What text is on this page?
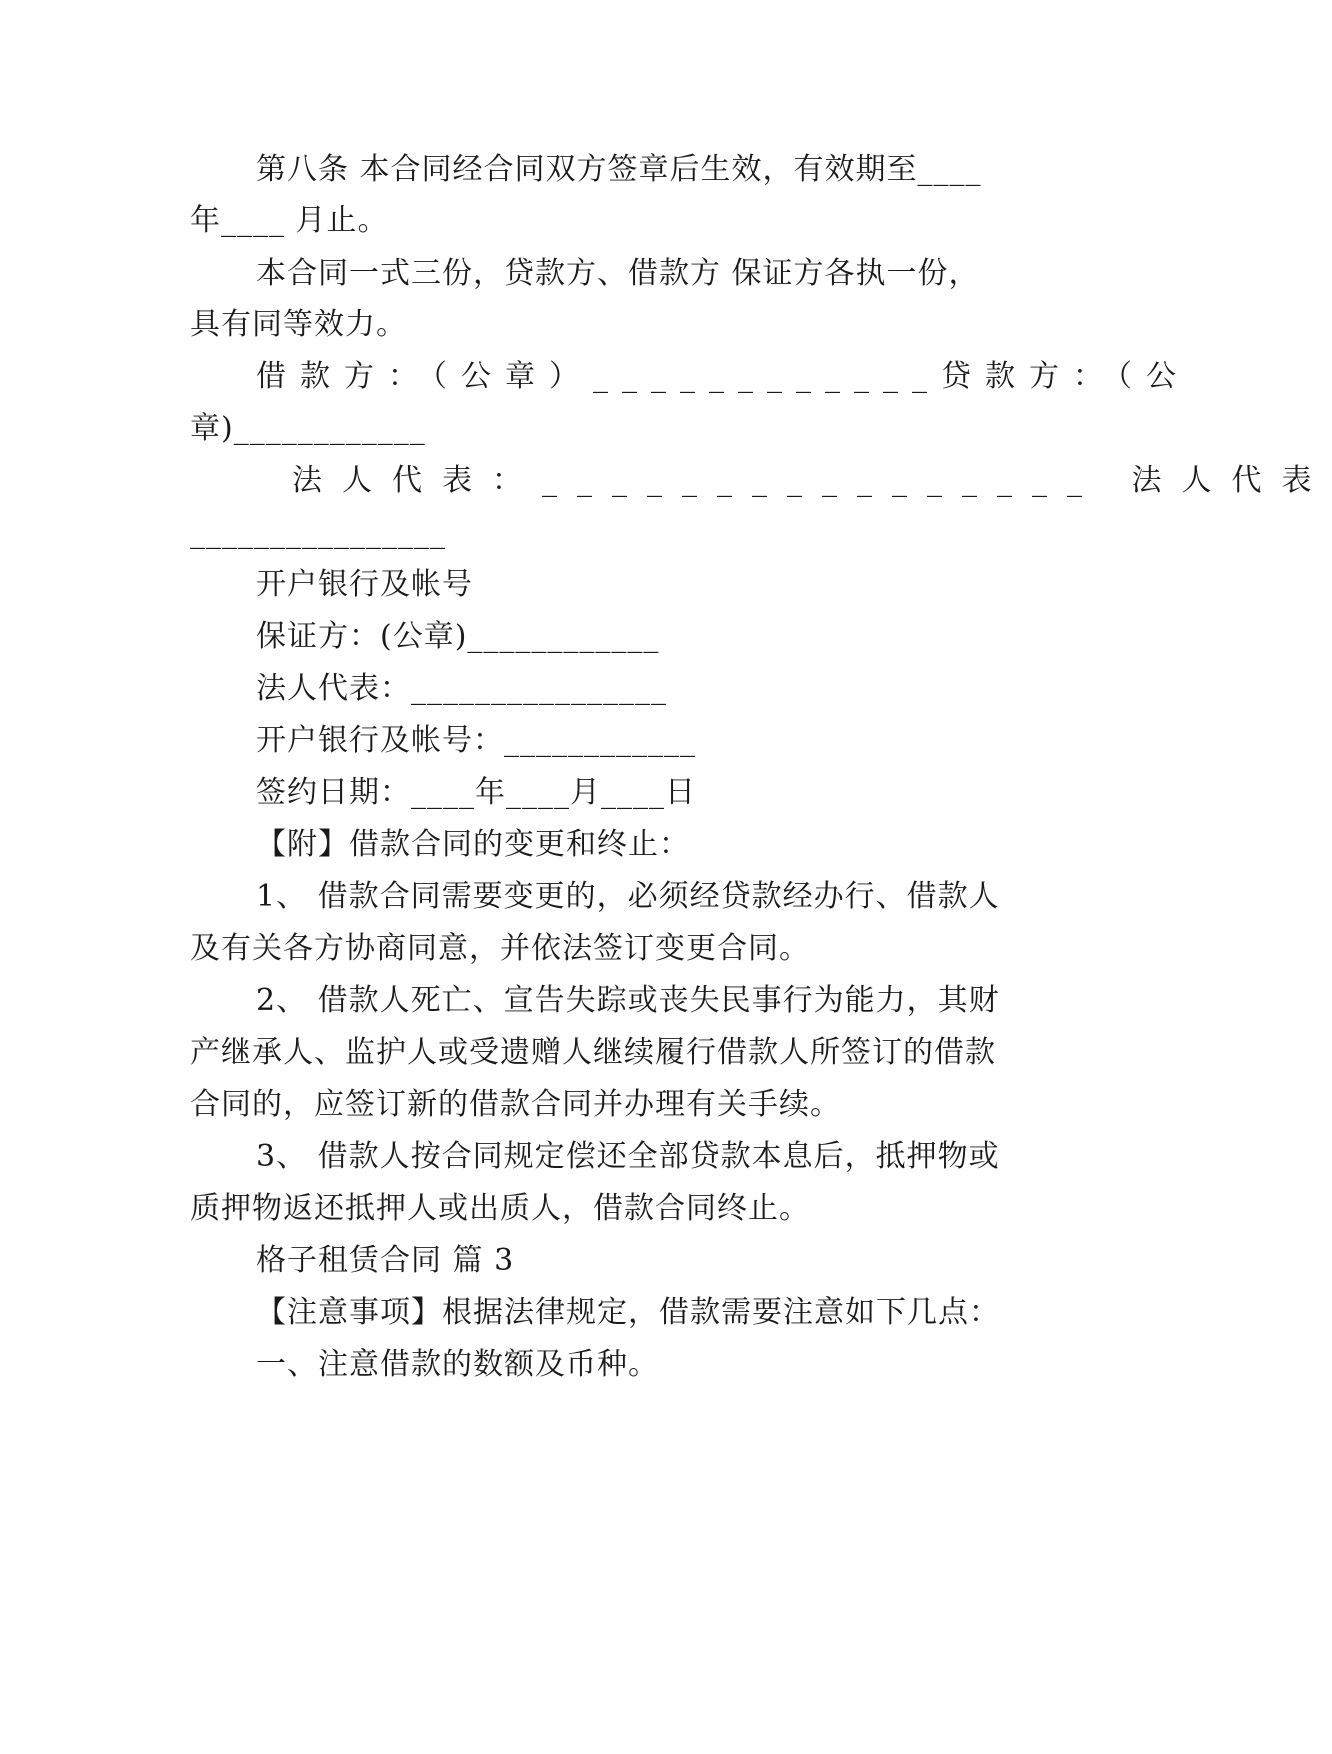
第八条 本合同经合同双方签章后生效，有效期至____
年____ 月止。
本合同一式三份，贷款方、借款方 保证方各执一份，
具有同等效力。
借款方：（公章）____________贷款方：（公
章)____________
法人代表：________________ 法人代表
________________
开户银行及帐号
保证方：(公章)____________
法人代表：________________
开户银行及帐号：____________
签约日期：____年____月____日
【附】借款合同的变更和终止：
1、 借款合同需要变更的，必须经贷款经办行、借款人
及有关各方协商同意，并依法签订变更合同。
2、 借款人死亡、宣告失踪或丧失民事行为能力，其财
产继承人、监护人或受遗赠人继续履行借款人所签订的借款
合同的，应签订新的借款合同并办理有关手续。
3、 借款人按合同规定偿还全部贷款本息后，抵押物或
质押物返还抵押人或出质人，借款合同终止。
格子租赁合同 篇 3
【注意事项】根据法律规定，借款需要注意如下几点：
一、注意借款的数额及币种。
